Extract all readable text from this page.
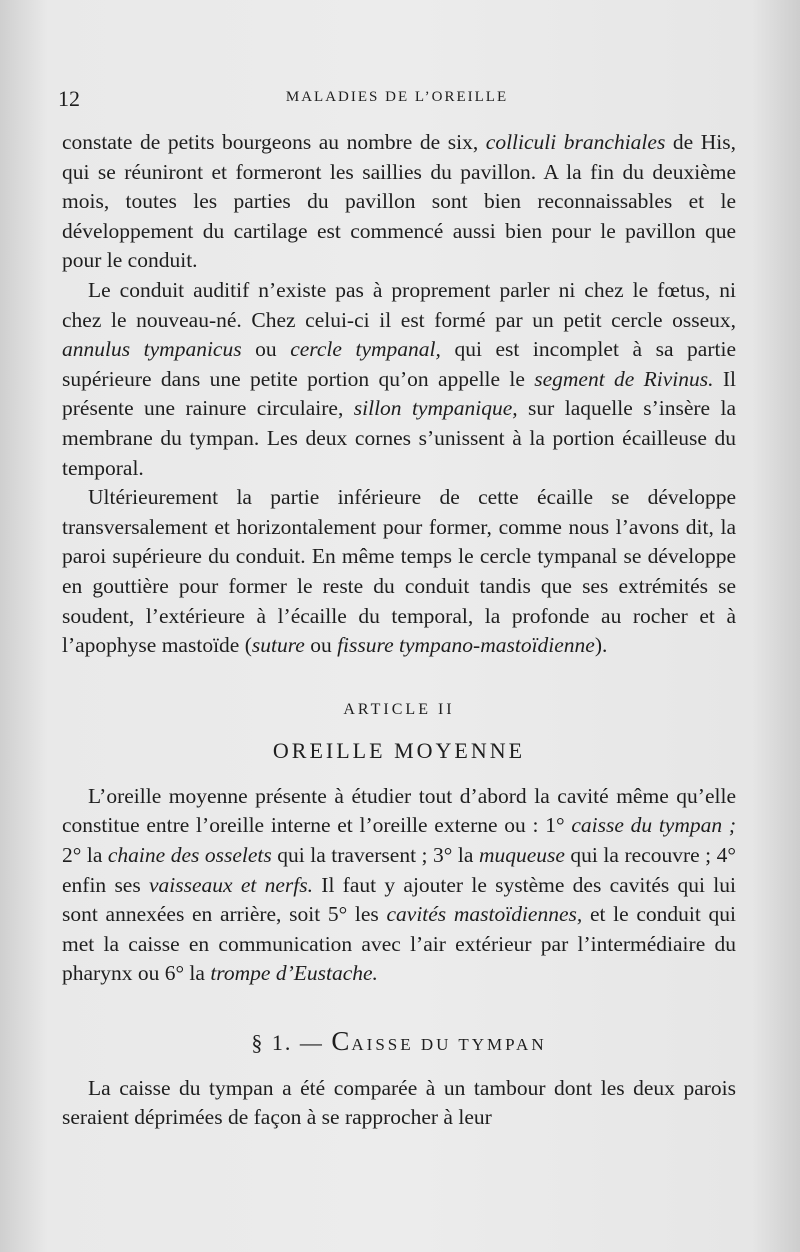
12	MALADIES DE L’OREILLE

constate de petits bourgeons au nombre de six, colliculi branchiales de His, qui se réuniront et formeront les saillies du pavillon. A la fin du deuxième mois, toutes les parties du pavillon sont bien reconnaissables et le développement du cartilage est commencé aussi bien pour le pavillon que pour le conduit.

Le conduit auditif n’existe pas à proprement parler ni chez le fœtus, ni chez le nouveau-né. Chez celui-ci il est formé par un petit cercle osseux, annulus tympanicus ou cercle tympanal, qui est incomplet à sa partie supérieure dans une petite portion qu’on appelle le segment de Rivinus. Il présente une rainure circulaire, sillon tympanique, sur laquelle s’insère la membrane du tympan. Les deux cornes s’unissent à la portion écailleuse du temporal.

Ultérieurement la partie inférieure de cette écaille se développe transversalement et horizontalement pour former, comme nous l’avons dit, la paroi supérieure du conduit. En même temps le cercle tympanal se développe en gouttière pour former le reste du conduit tandis que ses extrémités se soudent, l’extérieure à l’écaille du temporal, la profonde au rocher et à l’apophyse mastoïde (suture ou fissure tympano-mastoïdienne).

ARTICLE II
OREILLE MOYENNE

L’oreille moyenne présente à étudier tout d’abord la cavité même qu’elle constitue entre l’oreille interne et l’oreille externe ou : 1° caisse du tympan ; 2° la chaine des osselets qui la traversent ; 3° la muqueuse qui la recouvre ; 4° enfin ses vaisseaux et nerfs. Il faut y ajouter le système des cavités qui lui sont annexées en arrière, soit 5° les cavités mastoïdiennes, et le conduit qui met la caisse en communication avec l’air extérieur par l’intermédiaire du pharynx ou 6° la trompe d’Eustache.

§ 1. — CAISSE DU TYMPAN

La caisse du tympan a été comparée à un tambour dont les deux parois seraient déprimées de façon à se rapprocher à leur
